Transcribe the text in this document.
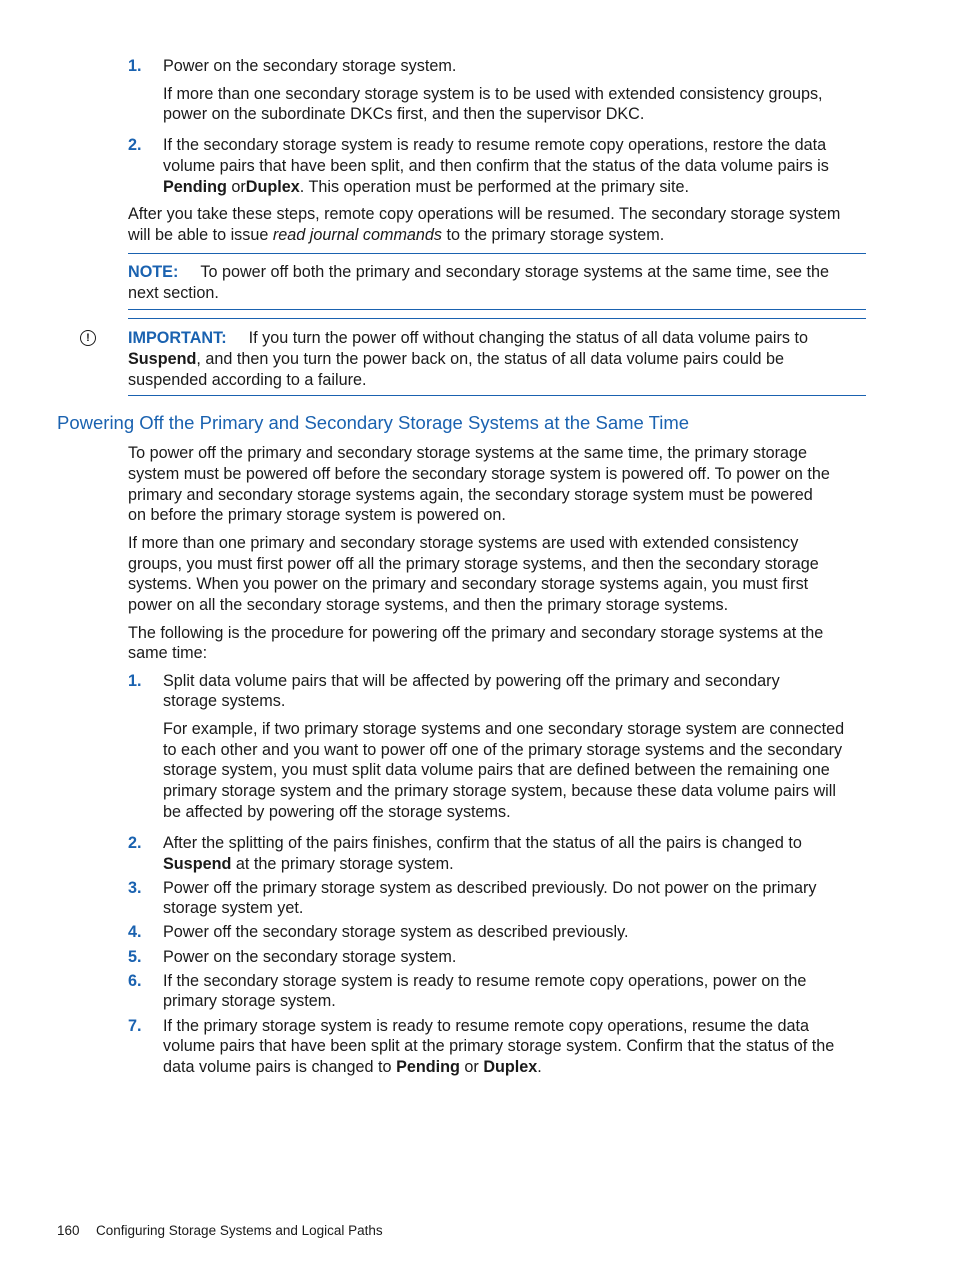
1. Power on the secondary storage system.
If more than one secondary storage system is to be used with extended consistency groups,
power on the subordinate DKCs first, and then the supervisor DKC.
2. If the secondary storage system is ready to resume remote copy operations, restore the data
volume pairs that have been split, and then confirm that the status of the data volume pairs is
Pending orDuplex. This operation must be performed at the primary site.
After you take these steps, remote copy operations will be resumed. The secondary storage system
will be able to issue read journal commands to the primary storage system.
NOTE: To power off both the primary and secondary storage systems at the same time, see the
next section.
!	IMPORTANT: If you turn the power off without changing the status of all data volume pairs to
Suspend, and then you turn the power back on, the status of all data volume pairs could be
suspended according to a failure.
Powering Off the Primary and Secondary Storage Systems at the Same Time
To power off the primary and secondary storage systems at the same time, the primary storage
system must be powered off before the secondary storage system is powered off. To power on the
primary and secondary storage systems again, the secondary storage system must be powered
on before the primary storage system is powered on.
If more than one primary and secondary storage systems are used with extended consistency
groups, you must first power off all the primary storage systems, and then the secondary storage
systems. When you power on the primary and secondary storage systems again, you must first
power on all the secondary storage systems, and then the primary storage systems.
The following is the procedure for powering off the primary and secondary storage systems at the
same time:
1. Split data volume pairs that will be affected by powering off the primary and secondary
storage systems.
For example, if two primary storage systems and one secondary storage system are connected
to each other and you want to power off one of the primary storage systems and the secondary
storage system, you must split data volume pairs that are defined between the remaining one
primary storage system and the primary storage system, because these data volume pairs will
be affected by powering off the storage systems.
2. After the splitting of the pairs finishes, confirm that the status of all the pairs is changed to
Suspend at the primary storage system.
3. Power off the primary storage system as described previously. Do not power on the primary
storage system yet.
4. Power off the secondary storage system as described previously.
5. Power on the secondary storage system.
6. If the secondary storage system is ready to resume remote copy operations, power on the
primary storage system.
7. If the primary storage system is ready to resume remote copy operations, resume the data
volume pairs that have been split at the primary storage system. Confirm that the status of the
data volume pairs is changed to Pending or Duplex.
160 Configuring Storage Systems and Logical Paths
